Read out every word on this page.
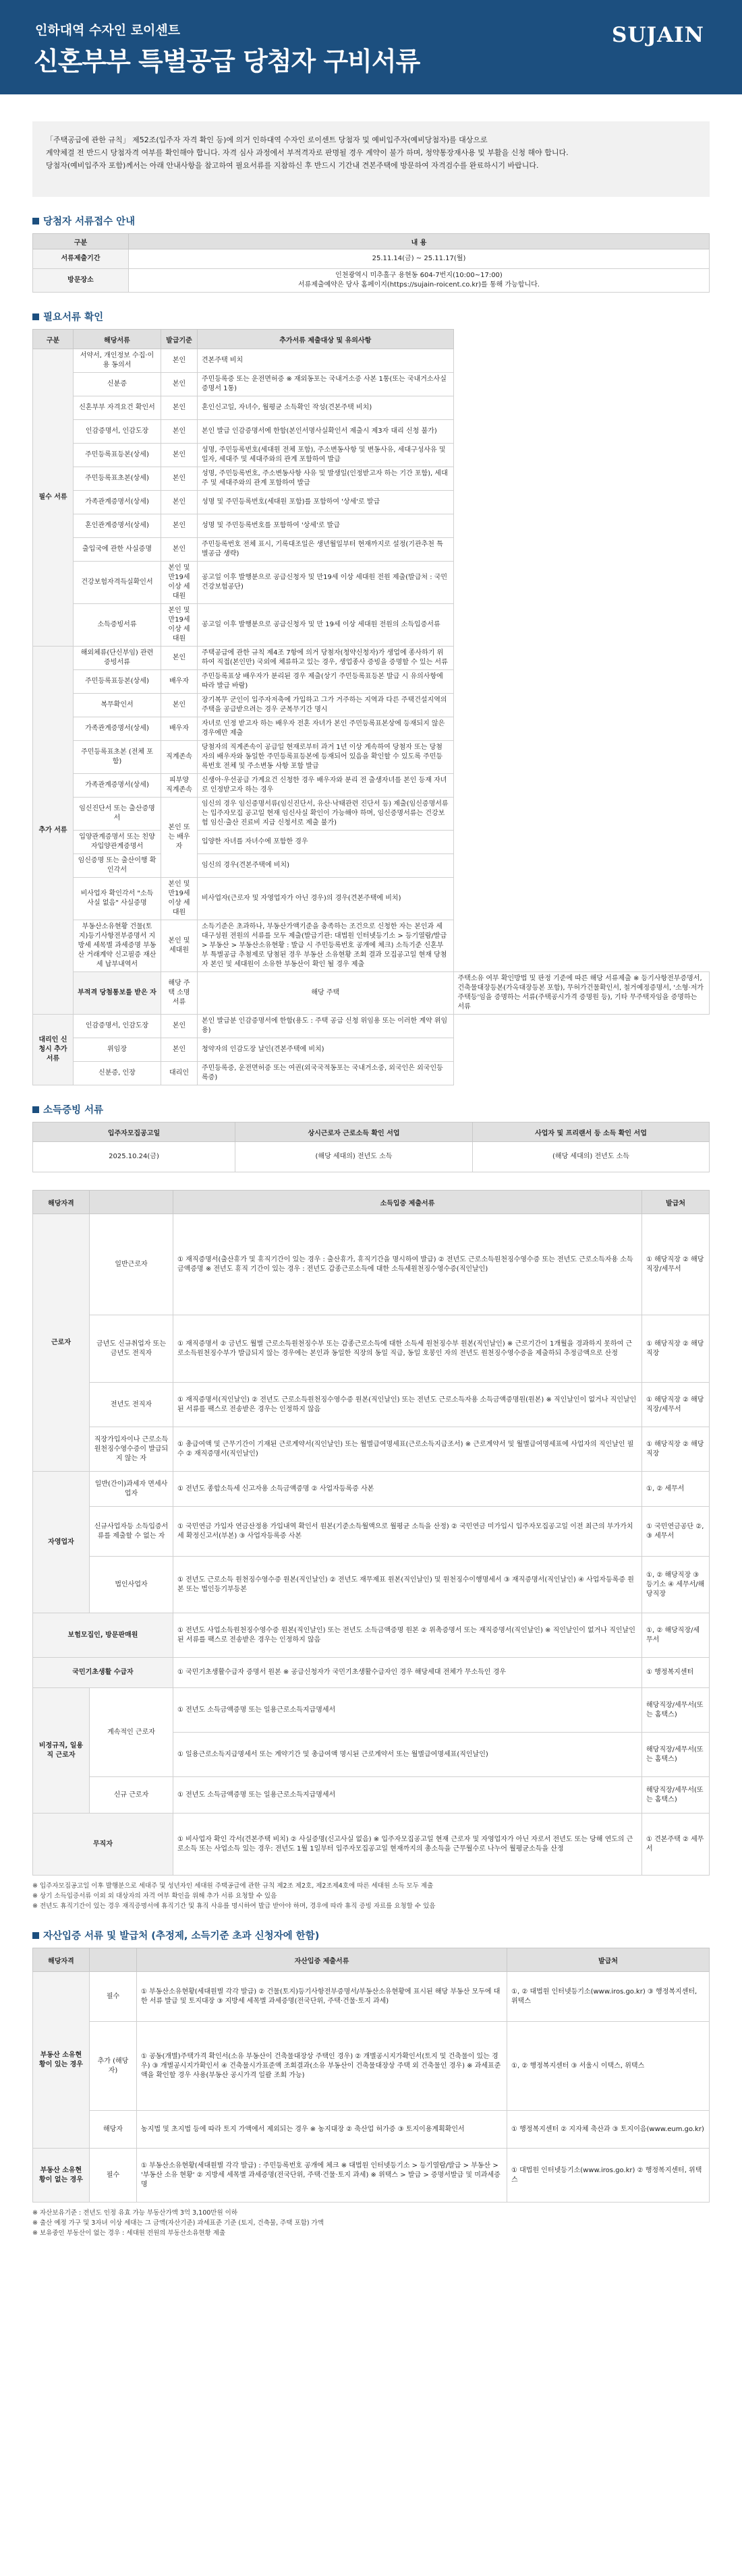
인하대역 수자인 로이센트
신혼부부 특별공급 당첨자 구비서류
SUJAIN
「주택공급에 관한 규칙」 제52조(입주자 자격 확인 등)에 의거 인하대역 수자인 로이센트 당첨자 및 예비입주자(예비당첨자)를 대상으로
계약체결 전 반드시 당첨자격 여부를 확인해야 합니다. 자격 심사 과정에서 부적격자로 판명될 경우 계약이 불가 하며, 청약통장재사용 및 부활을 신청 해야 합니다.
당첨자(예비입주자 포함)께서는 아래 안내사항을 참고하여 필요서류를 지참하신 후 반드시 기간내 견본주택에 방문하여 자격검수를 완료하시기 바랍니다.
당첨자 서류접수 안내
구분	내 용
서류제출기간	25.11.14(금) ~ 25.11.17(월)
방문장소	인천광역시 미추홀구 용현동 604-7번지(10:00~17:00)
서류제출예약은 당사 홈페이지(https://sujain-roicent.co.kr)를 통해 가능합니다.
필요서류 확인
구분	해당서류	발급기준	추가서류 제출대상 및 유의사항	
필수 서류	서약서, 개인정보 수집·이용 동의서	본인	견본주택 비치	
	신분증	본인	주민등록증 또는 운전면허증 ※ 재외동포는 국내거소증 사본 1통(또는 국내거소사실증명서 1통)	
	신혼부부 자격요건 확인서	본인	혼인신고일, 자녀수, 월평균 소득확인 작성(견본주택 비치)	
	인감증명서, 인감도장	본인	본인 발급 인감증명서에 한함(본인서명사실확인서 제출시 제3자 대리 신청 불가)	
	주민등록표등본(상세)	본인	성명, 주민등록번호(세대원 전체 포함), 주소변동사항 및 변동사유, 세대구성사유 및 일자, 세대주 및 세대주와의 관계 포함하여 발급	
	주민등록표초본(상세)	본인	성명, 주민등록번호, 주소변동사항 사유 및 발생일(인정받고자 하는 기간 포함), 세대주 및 세대주와의 관계 포함하여 발급	
	가족관계증명서(상세)	본인	성명 및 주민등록번호(세대원 포함)를 포함하여 '상세'로 발급	
	혼인관계증명서(상세)	본인	성명 및 주민등록번호를 포함하여 '상세'로 발급	
	출입국에 관한 사실증명	본인	주민등록번호 전체 표시, 기록대조일은 생년월일부터 현재까지로 설정(기관추천 특별공급 생략)	
	건강보험자격득실확인서	본인 및 만19세 이상 세대원	공고일 이후 발행분으로 공급신청자 및 만19세 이상 세대원 전원 제출(발급처 : 국민건강보험공단)	
	소득증빙서류	본인 및 만19세 이상 세대원	공고일 이후 발행분으로 공급신청자 및 만 19세 이상 세대원 전원의 소득입증서류	
추가 서류	해외체류(단신부임) 관련 증빙서류	본인	주택공급에 관한 규칙 제4조 7항에 의거 당첨자(청약신청자)가 생업에 종사하기 위하여 직접(본인만) 국외에 체류하고 있는 경우, 생업종사 증빙을 증명할 수 있는 서류	
	주민등록표등본(상세)	배우자	주민등록표상 배우자가 분리된 경우 제출(상기 주민등록표등본 발급 시 유의사항에 따라 발급 바람)	
	복무확인서	본인	장기복무 군인이 입주자저축에 가입하고 그가 거주하는 지역과 다른 주택건설지역의 주택을 공급받으려는 경우 군복무기간 명시	
	가족관계증명서(상세)	배우자	자녀로 인정 받고자 하는 배우자 전혼 자녀가 본인 주민등록표본상에 등재되지 않은 경우에만 제출	
	주민등록표초본 (전체 포함)	직계존속	당첨자의 직계존속이 공급일 현재로부터 과거 1년 이상 계속하여 당첨자 또는 당첨자의 배우자와 동일한 주민등록표등본에 등재되어 있음을 확인할 수 있도록 주민등록번호 전체 및 주소변동 사항 포함 발급	
	가족관계증명서(상세)	피부양 직계존속	신생아·우선공급 가계요건 신청한 경우 배우자와 분리 전 출생자녀를 본인 등재 자녀로 인정받고자 하는 경우	
	임신진단서 또는 출산증명서	본인 또는 배우자	임신의 경우 임신증명서류(임신진단서, 유산·낙태관련 진단서 등) 제출(임신증명서류는 입주자모집 공고일 현재 임신사실 확인이 가능해야 하며, 임신증명서류는 건강보험 임신·출산 진료비 지급 신청서로 제출 불가)	
	입양관계증명서 또는 친양자입양관계증명서		입양한 자녀를 자녀수에 포함한 경우	
	임신증명 또는 출산이행 확인각서		임신의 경우(견본주택에 비치)	
	비사업자 확인각서 "소득사실 없음" 사실증명	본인 및 만19세 이상 세대원	비사업자(근로자 및 자영업자가 아닌 경우)의 경우(견본주택에 비치)	
	부동산소유현황 건물(토지)등기사항전부증명서 지방세 세목별 과세증명 부동산 거래계약 신고필증 재산세 납부내역서	본인 및 세대원	소득기준은 초과하나, 부동산가액기준을 충족하는 조건으로 신청한 자는 본인과 세대구성원 전원의 서류를 모두 제출(발급기관: 대법원 인터넷등기소 > 등기열람/발급 > 부동산 > 부동산소유현황 : 발급 시 주민등록번호 공개에 체크) 소득기준 신혼부부 특별공급 추첨제로 당첨된 경우 부동산 소유현황 조회 결과 모집공고일 현재 당첨자 본인 및 세대원이 소유한 부동산이 확인 될 경우 제출	
	부적격 당첨통보를 받은 자	해당 주택 소명서류	해당 주택	주택소유 여부 확인방법 및 판정 기준에 따른 해당 서류제출 ※ 등기사항전부증명서, 건축물대장등본(가옥대장등본 포함), 무허가건물확인서, 철거예정증명서, '소형·저가주택등'임을 증명하는 서류(주택공시가격 증명원 등), 기타 무주택자임을 증명하는 서류
대리인 신청시 추가 서류	인감증명서, 인감도장	본인	본인 발급분 인감증명서에 한함(용도 : 주택 공급 신청 위임용 또는 이러한 계약 위임용)	
	위임장	본인	청약자의 인감도장 날인(견본주택에 비치)	
	신분증, 인장	대리인	주민등록증, 운전면허증 또는 여권(외국국적동포는 국내거소증, 외국인은 외국인등록증)	
소득증빙 서류
입주자모집공고일	상시근로자 근로소득 확인 서업	사업자 및 프리랜서 등 소득 확인 서업
2025.10.24(금)	(해당 세대의) 전년도 소득	(해당 세대의) 전년도 소득
해당자격		소득입증 제출서류	발급처
근로자	일반근로자	① 재직증명서(출산휴가 및 휴직기간이 있는 경우 : 출산휴가, 휴직기간을 명시하여 발급) ② 전년도 근로소득원천징수영수증 또는 전년도 근로소득자용 소득금액증명 ※ 전년도 휴직 기간이 있는 경우 : 전년도 갑종근로소득에 대한 소득세원천징수영수증(직인날인)	① 해당직장 ② 해당직장/세무서
	금년도 신규취업자 또는 금년도 전직자	① 재직증명서 ② 금년도 월별 근로소득원천징수부 또는 갑종근로소득에 대한 소득세 원천징수부 원본(직인날인) ※ 근로기간이 1개월을 경과하지 못하여 근로소득원천징수부가 발급되지 않는 경우에는 본인과 동일한 직장의 동일 직급, 동일 호봉인 자의 전년도 원천징수영수증을 제출하되 추정금액으로 산정	① 해당직장 ② 해당직장
	전년도 전직자	① 재직증명서(직인날인) ② 전년도 근로소득원천징수영수증 원본(직인날인) 또는 전년도 근로소득자용 소득금액증명원(원본) ※ 직인날인이 없거나 직인날인된 서류를 팩스로 전송받은 경우는 인정하지 않음	① 해당직장 ② 해당직장/세무서
	직장가입자이나 근로소득원천징수영수증이 발급되지 않는 자	① 총급여액 및 근무기간이 기재된 근로계약서(직인날인) 또는 월별급여명세표(근로소득지급조서) ※ 근로계약서 및 월별급여명세표에 사업자의 직인날인 필수 ② 재직증명서(직인날인)	① 해당직장 ② 해당직장
자영업자	일반(간이)과세자 면세사업자	① 전년도 종합소득세 신고자용 소득금액증명 ② 사업자등록증 사본	①, ② 세무서
	신규사업자등 소득입증서류를 제출할 수 없는 자	① 국민연금 가입자 연금산정용 가입내역 확인서 원본(기준소득월액으로 월평균 소득을 산정) ② 국민연금 미가입시 입주자모집공고일 이전 최근의 부가가치세 확정신고서(부본) ③ 사업자등록증 사본	① 국민연금공단 ②, ③ 세무서
	법인사업자	① 전년도 근로소득 원천징수영수증 원본(직인날인) ② 전년도 재무제표 원본(직인날인) 및 원천징수이행명세서 ③ 재직증명서(직인날인) ④ 사업자등록증 원본 또는 법인등기부등본	①, ② 해당직장 ③ 등기소 ④ 세무서/해당직장
보험모집인, 방문판매원		① 전년도 사업소득원천징수영수증 원본(직인날인) 또는 전년도 소득금액증명 원본 ② 위촉증명서 또는 재직증명서(직인날인) ※ 직인날인이 없거나 직인날인된 서류를 팩스로 전송받은 경우는 인정하지 않음	①, ② 해당직장/세무서
국민기초생활 수급자		① 국민기초생활수급자 증명서 원본 ※ 공급신청자가 국민기초생활수급자인 경우 해당세대 전체가 무소득인 경우	① 행정복지센터
비정규직, 일용직 근로자	계속적인 근로자	① 전년도 소득금액증명 또는 일용근로소득지급명세서	해당직장/세무서(또는 홈택스)
		① 일용근로소득지급명세서 또는 계약기간 및 총급여액 명시된 근로계약서 또는 월별급여명세표(직인날인)	해당직장/세무서(또는 홈택스)
	신규 근로자	① 전년도 소득금액증명 또는 일용근로소득지급명세서	해당직장/세무서(또는 홈택스)
무직자		① 비사업자 확인 각서(견본주택 비치) ② 사실증명(신고사실 없음) ※ 입주자모집공고일 현재 근로자 및 자영업자가 아닌 자로서 전년도 또는 당해 연도의 근로소득 또는 사업소득 있는 경우: 전년도 1월 1일부터 입주자모집공고일 현재까지의 총소득을 근무월수로 나누어 월평균소득을 산정	① 견본주택 ② 세무서
※ 입주자모집공고일 이후 발행분으로 세대주 및 성년자인 세대원 주택공급에 관한 규칙 제2조 제2호, 제2조제4호에 따른 세대원 소득 모두 제출
※ 상기 소득입증서류 이외 외 대상자의 자격 여부 확인을 위해 추가 서류 요청할 수 있음
※ 전년도 휴직기간이 있는 경우 재직증명서에 휴직기간 및 휴직 사유를 명시하여 발급 받아야 하며, 경우에 따라 휴직 증빙 자료를 요청할 수 있음
자산입증 서류 및 발급처 (추정제, 소득기준 초과 신청자에 한함)
해당자격		자산입증 제출서류	발급처
부동산 소유현황이 있는 경우	필수	① 부동산소유현황(세대원별 각각 발급) ② 건물(토지)등기사항전부증명서/부동산소유현황에 표시된 해당 부동산 모두에 대한 서류 발급 및 토지대장 ③ 지방세 세목별 과세증명(전국단위, 주택·건물·토지 과세)	①, ② 대법원 인터넷등기소(www.iros.go.kr) ③ 행정복지센터, 위택스
	추가 (해당자)	① 공동(개별)주택가격 확인서(소유 부동산이 건축물대장상 주택인 경우) ② 개별공시지가확인서(토지 및 건축물이 있는 경우) ③ 개별공시지가확인서 ④ 건축물시가표준액 조회결과(소유 부동산이 건축물대장상 주택 외 건축물인 경우) ※ 과세표준액을 확인할 경우 사용(부동산 공시가격 일괄 조회 가능)	①, ② 행정복지센터 ③ 서울시 이택스, 위택스
	해당자	농지법 및 초지법 등에 따라 토지 가액에서 제외되는 경우 ※ 농지대장 ② 축산업 허가증 ③ 토지이용계획확인서	① 행정복지센터 ② 지자체 축산과 ③ 토지이음(www.eum.go.kr)
부동산 소유현황이 없는 경우	필수	① 부동산소유현황(세대원별 각각 발급) : 주민등록번호 공개에 체크 ※ 대법원 인터넷등기소 > 등기열람/발급 > 부동산 > '부동산 소유 현황' ② 지방세 세목별 과세증명(전국단위, 주택·건물·토지 과세) ※ 위택스 > 발급 > 증명서발급 및 미과세증명	① 대법원 인터넷등기소(www.iros.go.kr) ② 행정복지센터, 위택스
※ 자산보유기준 : 전년도 인정 유효 가능 부동산가액 3억 3,100만원 이하
※ 출산 예정 가구 및 3자녀 이상 세대는 그 금액(자산기준) 과세표준 기준 (토지, 건축물, 주택 포함) 가액
※ 보유중인 부동산이 없는 경우 : 세대원 전원의 부동산소유현황 제출
